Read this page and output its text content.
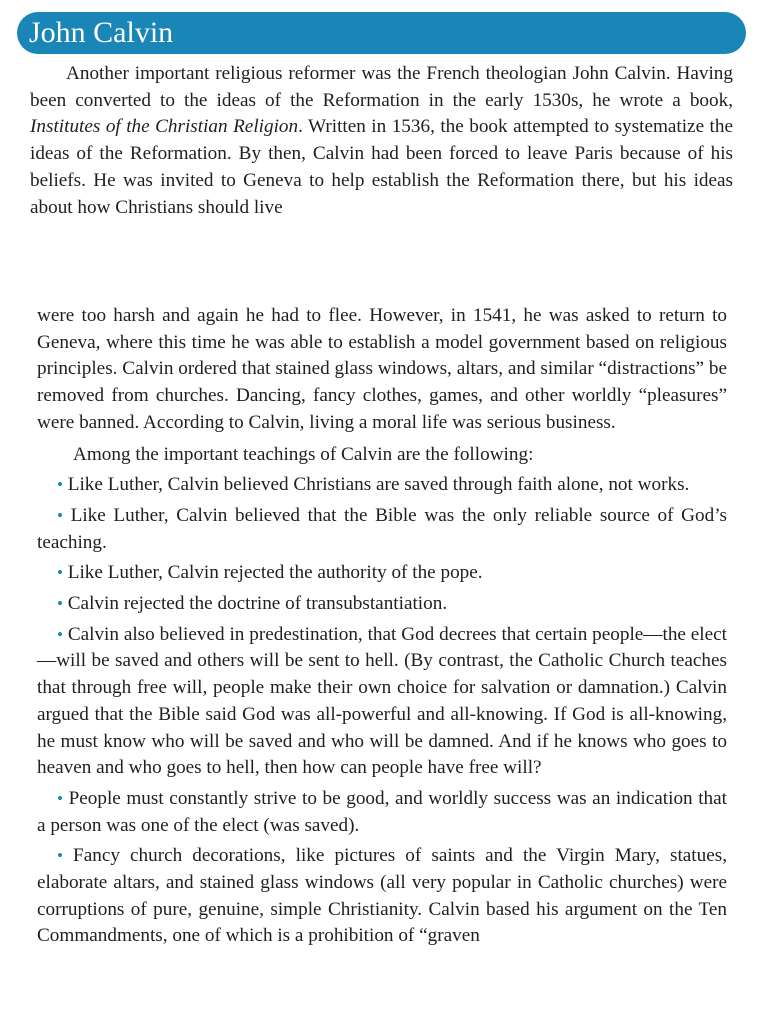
John Calvin

Another important religious reformer was the French theologian John Calvin. Having been converted to the ideas of the Reformation in the early 1530s, he wrote a book, Institutes of the Christian Religion. Written in 1536, the book attempted to systematize the ideas of the Reformation. By then, Calvin had been forced to leave Paris because of his beliefs. He was invited to Geneva to help establish the Reformation there, but his ideas about how Christians should live

were too harsh and again he had to flee. However, in 1541, he was asked to return to Geneva, where this time he was able to establish a model government based on religious principles. Calvin ordered that stained glass windows, altars, and similar “distractions” be removed from churches. Dancing, fancy clothes, games, and other worldly “pleasures” were banned. According to Calvin, living a moral life was serious business.

Among the important teachings of Calvin are the following:

• Like Luther, Calvin believed Christians are saved through faith alone, not works.

• Like Luther, Calvin believed that the Bible was the only reliable source of God’s teaching.

• Like Luther, Calvin rejected the authority of the pope.

• Calvin rejected the doctrine of transubstantiation.

• Calvin also believed in predestination, that God decrees that certain people—the elect—will be saved and others will be sent to hell. (By contrast, the Catholic Church teaches that through free will, people make their own choice for salvation or damnation.) Calvin argued that the Bible said God was all-powerful and all-knowing. If God is all-knowing, he must know who will be saved and who will be damned. And if he knows who goes to heaven and who goes to hell, then how can people have free will?

• People must constantly strive to be good, and worldly success was an indication that a person was one of the elect (was saved).

• Fancy church decorations, like pictures of saints and the Virgin Mary, statues, elaborate altars, and stained glass windows (all very popular in Catholic churches) were corruptions of pure, genuine, simple Christianity. Calvin based his argument on the Ten Commandments, one of which is a prohibition of “graven
